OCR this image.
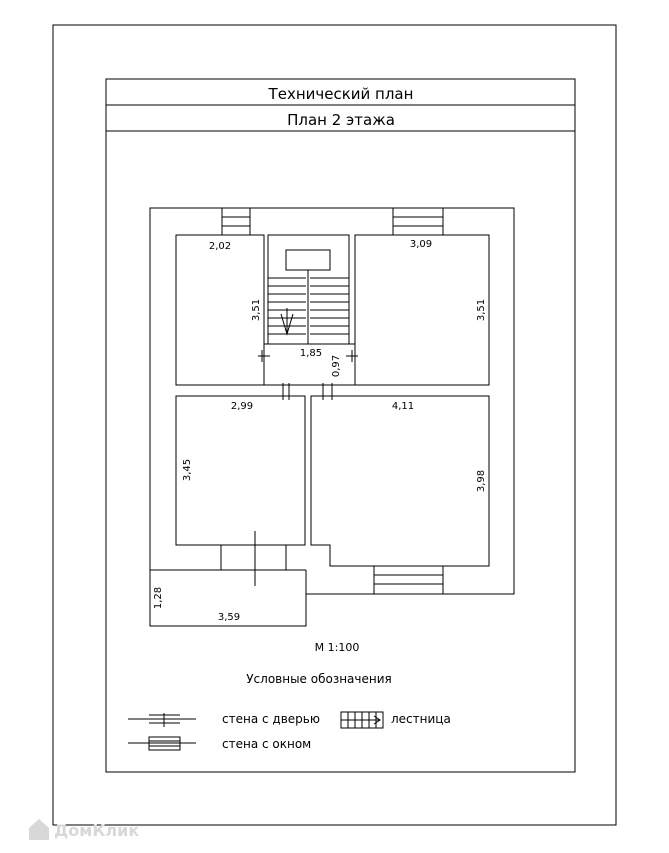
Технический план
План 2 этажа
2,02
3,51
3,09
3,51
1,85
0,97
2,99
3,45
4,11
3,98
1,28
3,59
М 1:100
Условные обозначения
стена с дверью	лестница
стена с окном
ДомКлик
